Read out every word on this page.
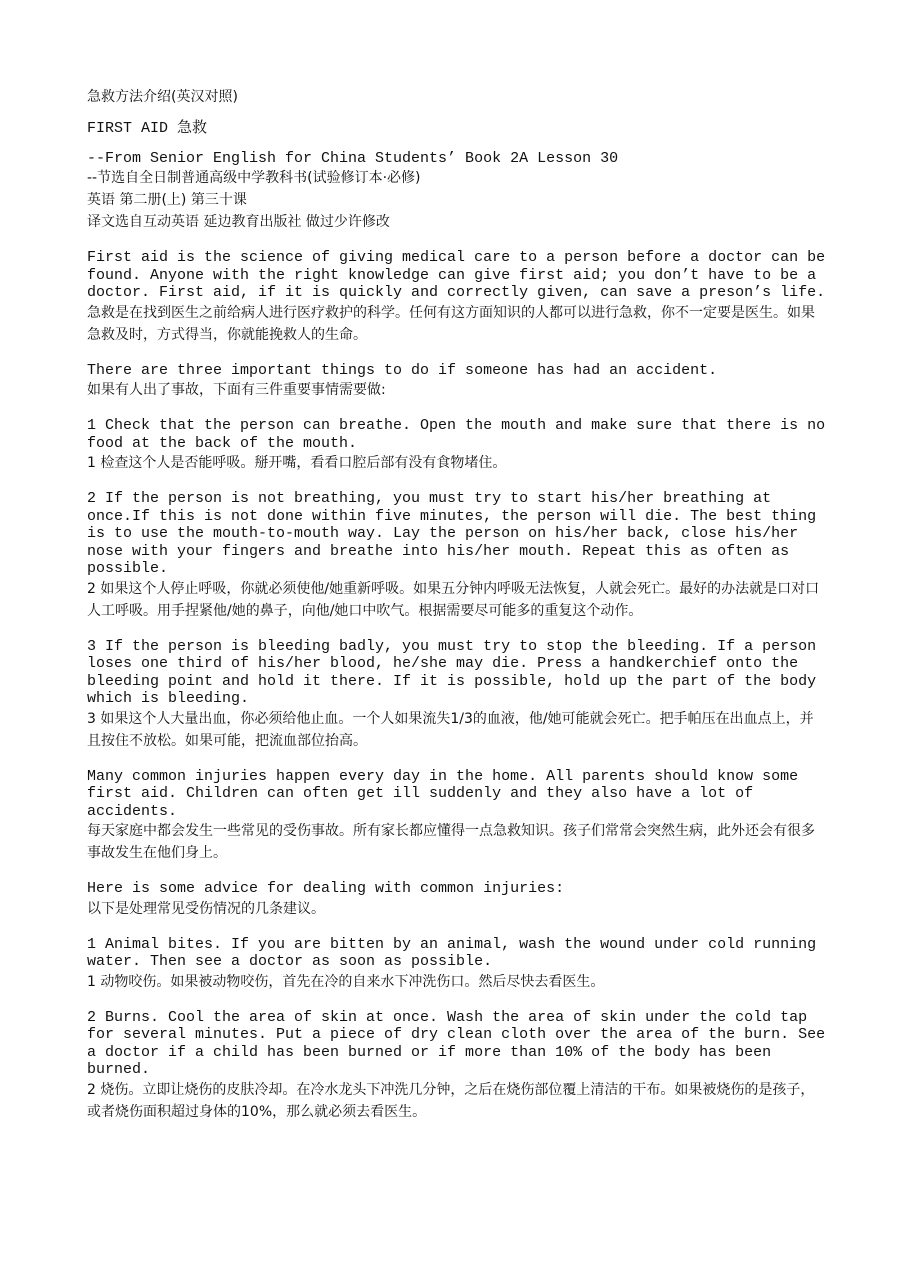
急救方法介绍(英汉对照)

FIRST AID 急救

--From Senior English for China Students’ Book 2A Lesson 30

--节选自全日制普通高级中学教科书(试验修订本·必修)

英语 第二册(上) 第三十课

译文选自互动英语 延边教育出版社 做过少许修改

First aid is the science of giving medical care to a person before a doctor can be found. Anyone with the right knowledge can give first aid; you don’t have to be a doctor. First aid, if it is quickly and correctly given, can save a preson’s life.

急救是在找到医生之前给病人进行医疗救护的科学。任何有这方面知识的人都可以进行急救，你不一定要是医生。如果急救及时，方式得当，你就能挽救人的生命。

There are three important things to do if someone has had an accident.

如果有人出了事故，下面有三件重要事情需要做:

1 Check that the person can breathe. Open the mouth and make sure that there is no food at the back of the mouth.

1 检查这个人是否能呼吸。掰开嘴，看看口腔后部有没有食物堵住。

2 If the person is not breathing, you must try to start his/her breathing at once.If this is not done within five minutes, the person will die. The best thing is to use the mouth-to-mouth way. Lay the person on his/her back, close his/her nose with your fingers and breathe into his/her mouth. Repeat this as often as possible.

2 如果这个人停止呼吸，你就必须使他/她重新呼吸。如果五分钟内呼吸无法恢复，人就会死亡。最好的办法就是口对口人工呼吸。用手捏紧他/她的鼻子，向他/她口中吹气。根据需要尽可能多的重复这个动作。

3 If the person is bleeding badly, you must try to stop the bleeding. If a person loses one third of his/her blood, he/she may die. Press a handkerchief onto the bleeding point and hold it there. If it is possible, hold up the part of the body which is bleeding.

3 如果这个人大量出血，你必须给他止血。一个人如果流失1/3的血液，他/她可能就会死亡。把手帕压在出血点上，并且按住不放松。如果可能，把流血部位抬高。

Many common injuries happen every day in the home. All parents should know some first aid. Children can often get ill suddenly and they also have a lot of accidents.

每天家庭中都会发生一些常见的受伤事故。所有家长都应懂得一点急救知识。孩子们常常会突然生病，此外还会有很多事故发生在他们身上。

Here is some advice for dealing with common injuries:

以下是处理常见受伤情况的几条建议。

1 Animal bites. If you are bitten by an animal, wash the wound under cold running water. Then see a doctor as soon as possible.

1 动物咬伤。如果被动物咬伤，首先在冷的自来水下冲洗伤口。然后尽快去看医生。

2 Burns. Cool the area of skin at once. Wash the area of skin under the cold tap for several minutes. Put a piece of dry clean cloth over the area of the burn. See a doctor if a child has been burned or if more than 10% of the body has been burned.

2 烧伤。立即让烧伤的皮肤冷却。在冷水龙头下冲洗几分钟，之后在烧伤部位覆上清洁的干布。如果被烧伤的是孩子，或者烧伤面积超过身体的10%，那么就必须去看医生。
